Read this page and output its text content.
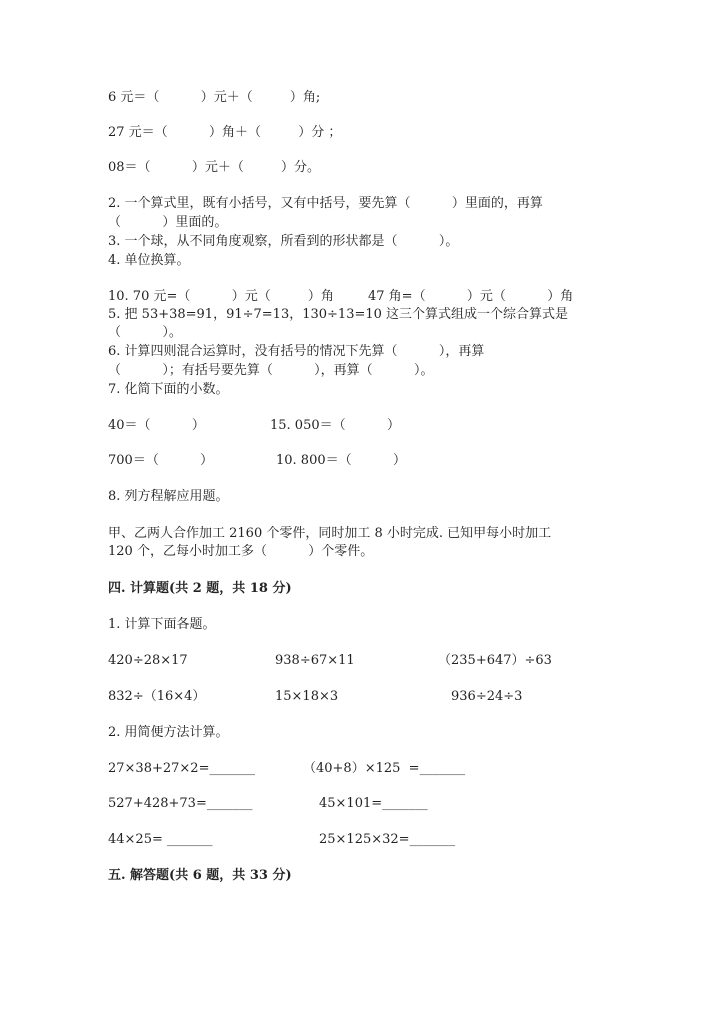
6 元＝（          ）元＋（         ）角;
27 元＝（          ）角＋（         ）分 ；
08＝（          ）元＋（         ）分。
2. 一个算式里，既有小括号，又有中括号，要先算（          ）里面的，再算
（          ）里面的。
3. 一个球，从不同角度观察，所看到的形状都是（          ）。
4. 单位换算。
10. 70 元=（          ）元（         ）角	47 角=（          ）元（          ）角
5. 把 53+38=91，91÷7=13，130÷13=10 这三个算式组成一个综合算式是
（          ）。
6. 计算四则混合运算时，没有括号的情况下先算（          ），再算
（          ）；有括号要先算（          ），再算（          ）。
7. 化简下面的小数。
40＝（          ）	15. 050＝（          ）
700＝（          ）	10. 800＝（          ）
8. 列方程解应用题。
甲、乙两人合作加工 2160 个零件，同时加工 8 小时完成. 已知甲每小时加工
120 个，乙每小时加工多（          ）个零件。
四. 计算题(共 2 题，共 18 分)
1. 计算下面各题。
420÷28×17	938÷67×11	（235+647）÷63
832÷（16×4）	15×18×3	936÷24÷3
2. 用简便方法计算。
27×38+27×2=_______	（40+8）×125  =_______
527+428+73=_______	45×101=_______
44×25= _______	25×125×32=_______
五. 解答题(共 6 题，共 33 分)
